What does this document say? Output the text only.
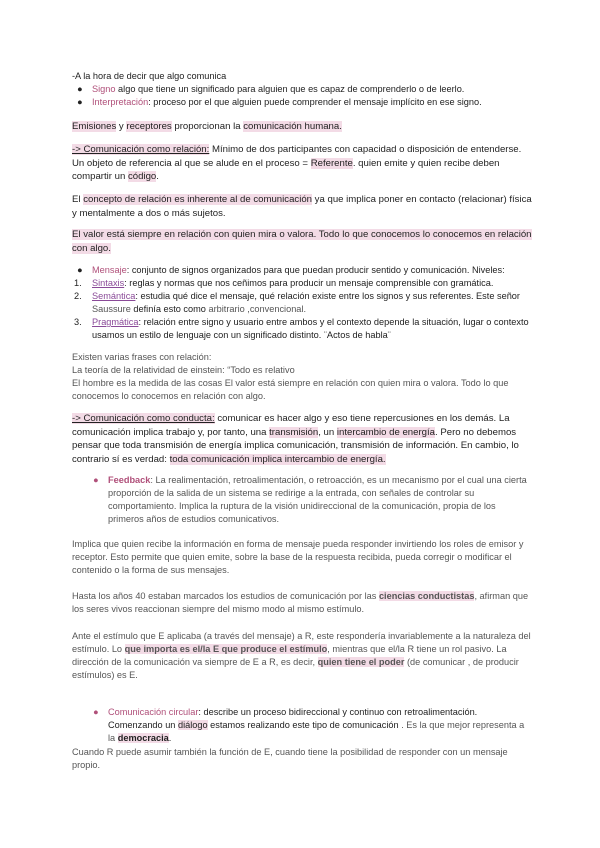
-A la hora de decir que algo comunica
● Signo algo que tiene un significado para alguien que es capaz de comprenderlo o de leerlo.
● Interpretación: proceso por el que alguien puede comprender el mensaje implícito en ese signo.
Emisiones y receptores proporcionan la comunicación humana.
-> Comunicación como relación: Mínimo de dos participantes con capacidad o disposición de entenderse. Un objeto de referencia al que se alude en el proceso = Referente. quien emite y quien recibe deben compartir un código.
El concepto de relación es inherente al de comunicación ya que implica poner en contacto (relacionar) física y mentalmente a dos o más sujetos.
El valor está siempre en relación con quien mira o valora. Todo lo que conocemos lo conocemos en relación con algo.
● Mensaje: conjunto de signos organizados para que puedan producir sentido y comunicación. Niveles:
1. Sintaxis: reglas y normas que nos ceñimos para producir un mensaje comprensible con gramática.
2. Semántica: estudia qué dice el mensaje, qué relación existe entre los signos y sus referentes. Este señor Saussure definía esto como arbitrario ,convencional.
3. Pragmática: relación entre signo y usuario entre ambos y el contexto depende la situación, lugar o contexto usamos un estilo de lenguaje con un significado distinto. ¨Actos de habla¨
Existen varias frases con relación:
La teoría de la relatividad de einstein: “Todo es relativo
El hombre es la medida de las cosas El valor está siempre en relación con quien mira o valora. Todo lo que conocemos lo conocemos en relación con algo.
-> Comunicación como conducta: comunicar es hacer algo y eso tiene repercusiones en los demás. La comunicación implica trabajo y, por tanto, una transmisión, un intercambio de energía. Pero no debemos pensar que toda transmisión de energía implica comunicación, transmisión de información. En cambio, lo contrario sí es verdad: toda comunicación implica intercambio de energía.
● Feedback: La realimentación, retroalimentación, o retroacción, es un mecanismo por el cual una cierta proporción de la salida de un sistema se redirige a la entrada, con señales de controlar su comportamiento. Implica la ruptura de la visión unidireccional de la comunicación, propia de los primeros años de estudios comunicativos.
Implica que quien recibe la información en forma de mensaje pueda responder invirtiendo los roles de emisor y receptor. Esto permite que quien emite, sobre la base de la respuesta recibida, pueda corregir o modificar el contenido o la forma de sus mensajes.
Hasta los años 40 estaban marcados los estudios de comunicación por las ciencias conductistas, afirman que los seres vivos reaccionan siempre del mismo modo al mismo estímulo.
Ante el estímulo que E aplicaba (a través del mensaje) a R, este respondería invariablemente a la naturaleza del estímulo. Lo que importa es el/la E que produce el estímulo, mientras que el/la R tiene un rol pasivo. La dirección de la comunicación va siempre de E a R, es decir, quien tiene el poder (de comunicar , de producir estímulos) es E.
● Comunicación circular: describe un proceso bidireccional y continuo con retroalimentación. Comenzando un diálogo estamos realizando este tipo de comunicación . Es la que mejor representa a la democracia.
Cuando R puede asumir también la función de E, cuando tiene la posibilidad de responder con un mensaje propio.
